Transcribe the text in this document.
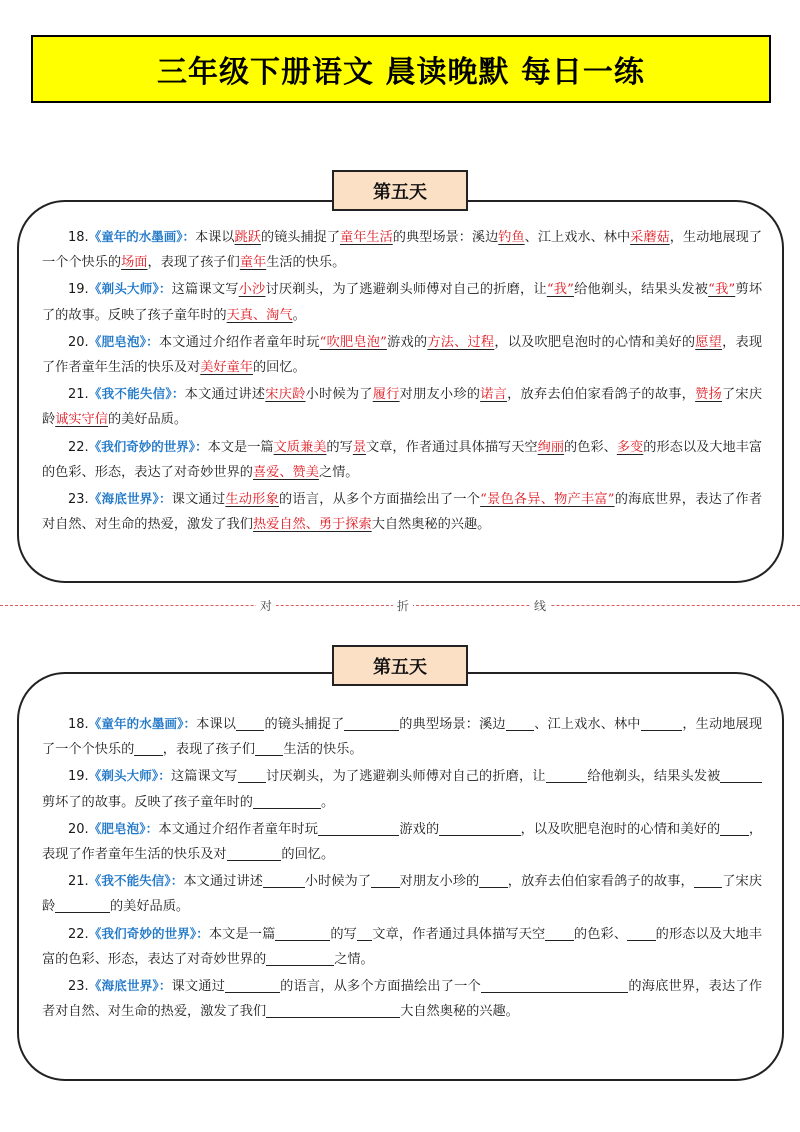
三年级下册语文 晨读晚默 每日一练
第五天
18.《童年的水墨画》：本课以跳跃的镜头捕捉了童年生活的典型场景：溪边钓鱼、江上戏水、林中采蘑菇，生动地展现了一个个快乐的场面，表现了孩子们童年生活的快乐。
19.《剃头大师》：这篇课文写小沙讨厌剃头，为了逃避剃头师傅对自己的折磨，让“我”给他剃头，结果头发被“我”剪坏了的故事。反映了孩子童年时的天真、淘气。
20.《肥皂泡》：本文通过介绍作者童年时玩“吹肥皂泡”游戏的方法、过程，以及吹肥皂泡时的心情和美好的愿望，表现了作者童年生活的快乐及对美好童年的回忆。
21.《我不能失信》：本文通过讲述宋庆龄小时候为了履行对朋友小珍的诺言，放弃去伯伯家看鸽子的故事，赞扬了宋庆龄诚实守信的美好品质。
22.《我们奇妙的世界》：本文是一篇文质兼美的写景文章，作者通过具体描写天空绚丽的色彩、多变的形态以及大地丰富的色彩、形态，表达了对奇妙世界的喜爱、赞美之情。
23.《海底世界》：课文通过生动形象的语言，从多个方面描绘出了一个“景色各异、物产丰富”的海底世界，表达了作者对自然、对生命的热爱，激发了我们热爱自然、勇于探索大自然奥秘的兴趣。
对	折	线
第五天
18.《童年的水墨画》：本课以 的镜头捕捉了	的典型场景：溪边 、江上戏水、林中	，生动地展现了一个个快乐的 ，表现了孩子们 生活的快乐。
19.《剃头大师》：这篇课文写 讨厌剃头，为了逃避剃头师傅对自己的折磨，让	给他剃头，结果头发被剪坏了的故事。反映了孩子童年时的	。
20.《肥皂泡》：本文通过介绍作者童年时玩	游戏的	，以及吹肥皂泡时的心情和美好的 ，表现了作者童年生活的快乐及对	的回忆。
21.《我不能失信》：本文通过讲述	小时候为了 对朋友小珍的 ，放弃去伯伯家看鸽子的故事， 了宋庆龄	的美好品质。
22.《我们奇妙的世界》：本文是一篇	的写 文章，作者通过具体描写天空 的色彩、 的形态以及大地丰富的色彩、形态，表达了对奇妙世界的	之情。
23.《海底世界》：课文通过	的语言，从多个方面描绘出了一个	的海底世界，表达了作者对自然、对生命的热爱，激发了我们	大自然奥秘的兴趣。
